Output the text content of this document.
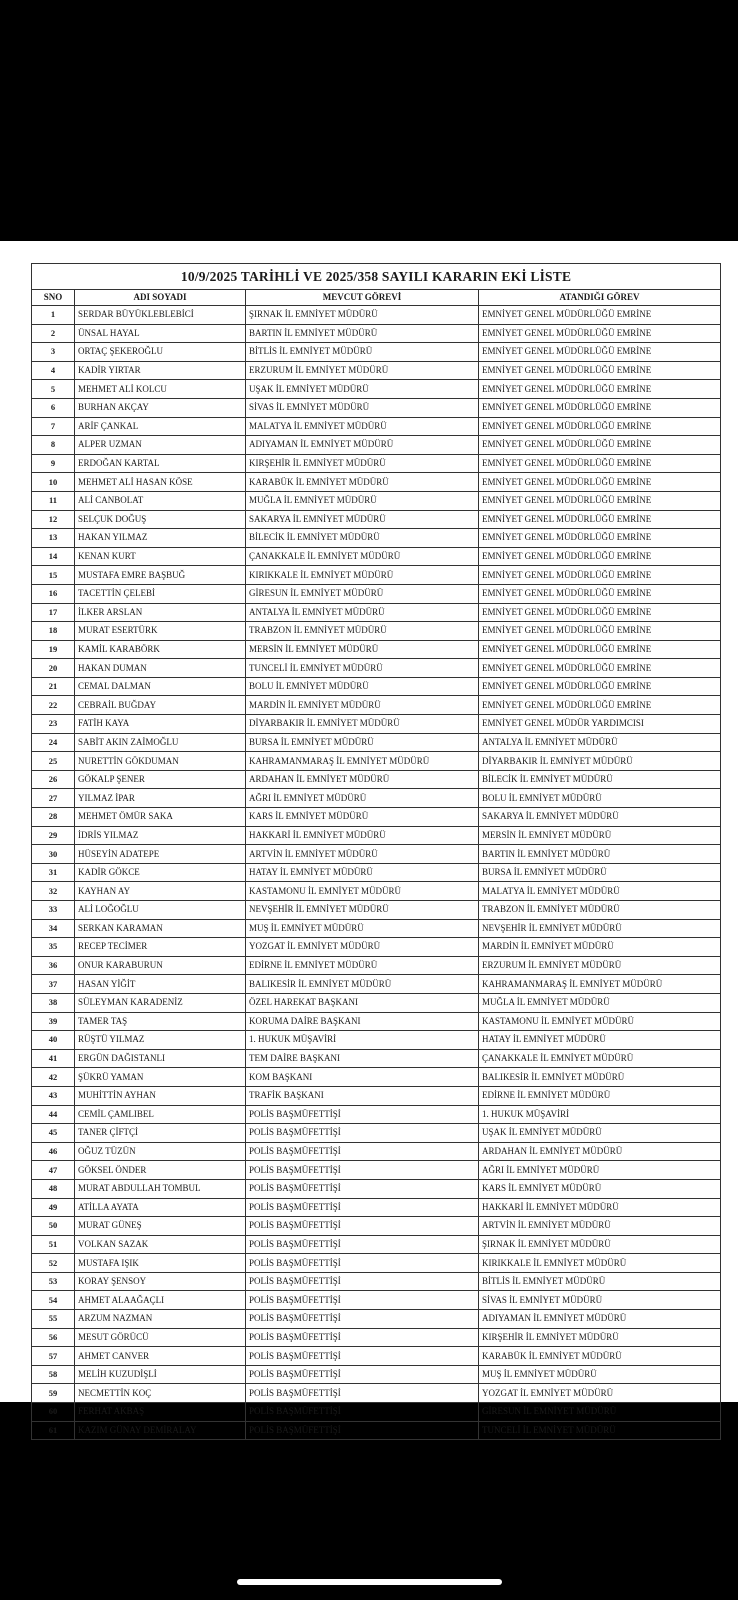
10/9/2025 TARİHLİ VE 2025/358 SAYILI KARARIN EKİ LİSTE			
SNO	ADI SOYADI	MEVCUT GÖREVİ	ATANDIĞI GÖREV
1	SERDAR BÜYÜKLEBLEBİCİ	ŞIRNAK İL EMNİYET MÜDÜRÜ	EMNİYET GENEL MÜDÜRLÜĞÜ EMRİNE
2	ÜNSAL HAYAL	BARTIN İL EMNİYET MÜDÜRÜ	EMNİYET GENEL MÜDÜRLÜĞÜ EMRİNE
3	ORTAÇ ŞEKEROĞLU	BİTLİS İL EMNİYET MÜDÜRÜ	EMNİYET GENEL MÜDÜRLÜĞÜ EMRİNE
4	KADİR YIRTAR	ERZURUM İL EMNİYET MÜDÜRÜ	EMNİYET GENEL MÜDÜRLÜĞÜ EMRİNE
5	MEHMET ALİ KOLCU	UŞAK İL EMNİYET MÜDÜRÜ	EMNİYET GENEL MÜDÜRLÜĞÜ EMRİNE
6	BURHAN AKÇAY	SİVAS İL EMNİYET MÜDÜRÜ	EMNİYET GENEL MÜDÜRLÜĞÜ EMRİNE
7	ARİF ÇANKAL	MALATYA İL EMNİYET MÜDÜRÜ	EMNİYET GENEL MÜDÜRLÜĞÜ EMRİNE
8	ALPER UZMAN	ADIYAMAN İL EMNİYET MÜDÜRÜ	EMNİYET GENEL MÜDÜRLÜĞÜ EMRİNE
9	ERDOĞAN KARTAL	KIRŞEHİR İL EMNİYET MÜDÜRÜ	EMNİYET GENEL MÜDÜRLÜĞÜ EMRİNE
10	MEHMET ALİ HASAN KÖSE	KARABÜK İL EMNİYET MÜDÜRÜ	EMNİYET GENEL MÜDÜRLÜĞÜ EMRİNE
11	ALİ CANBOLAT	MUĞLA İL EMNİYET MÜDÜRÜ	EMNİYET GENEL MÜDÜRLÜĞÜ EMRİNE
12	SELÇUK DOĞUŞ	SAKARYA İL EMNİYET MÜDÜRÜ	EMNİYET GENEL MÜDÜRLÜĞÜ EMRİNE
13	HAKAN YILMAZ	BİLECİK İL EMNİYET MÜDÜRÜ	EMNİYET GENEL MÜDÜRLÜĞÜ EMRİNE
14	KENAN KURT	ÇANAKKALE İL EMNİYET MÜDÜRÜ	EMNİYET GENEL MÜDÜRLÜĞÜ EMRİNE
15	MUSTAFA EMRE BAŞBUĞ	KIRIKKALE İL EMNİYET MÜDÜRÜ	EMNİYET GENEL MÜDÜRLÜĞÜ EMRİNE
16	TACETTİN ÇELEBİ	GİRESUN İL EMNİYET MÜDÜRÜ	EMNİYET GENEL MÜDÜRLÜĞÜ EMRİNE
17	İLKER ARSLAN	ANTALYA İL EMNİYET MÜDÜRÜ	EMNİYET GENEL MÜDÜRLÜĞÜ EMRİNE
18	MURAT ESERTÜRK	TRABZON İL EMNİYET MÜDÜRÜ	EMNİYET GENEL MÜDÜRLÜĞÜ EMRİNE
19	KAMİL KARABÖRK	MERSİN İL EMNİYET MÜDÜRÜ	EMNİYET GENEL MÜDÜRLÜĞÜ EMRİNE
20	HAKAN DUMAN	TUNCELİ İL EMNİYET MÜDÜRÜ	EMNİYET GENEL MÜDÜRLÜĞÜ EMRİNE
21	CEMAL DALMAN	BOLU İL EMNİYET MÜDÜRÜ	EMNİYET GENEL MÜDÜRLÜĞÜ EMRİNE
22	CEBRAİL BUĞDAY	MARDİN İL EMNİYET MÜDÜRÜ	EMNİYET GENEL MÜDÜRLÜĞÜ EMRİNE
23	FATİH KAYA	DİYARBAKIR İL EMNİYET MÜDÜRÜ	EMNİYET GENEL MÜDÜR YARDIMCISI
24	SABİT AKIN ZAİMOĞLU	BURSA İL EMNİYET MÜDÜRÜ	ANTALYA İL EMNİYET MÜDÜRÜ
25	NURETTİN GÖKDUMAN	KAHRAMANMARAŞ İL EMNİYET MÜDÜRÜ	DİYARBAKIR İL EMNİYET MÜDÜRÜ
26	GÖKALP ŞENER	ARDAHAN İL EMNİYET MÜDÜRÜ	BİLECİK İL EMNİYET MÜDÜRÜ
27	YILMAZ İPAR	AĞRI İL EMNİYET MÜDÜRÜ	BOLU İL EMNİYET MÜDÜRÜ
28	MEHMET ÖMÜR SAKA	KARS İL EMNİYET MÜDÜRÜ	SAKARYA İL EMNİYET MÜDÜRÜ
29	İDRİS YILMAZ	HAKKARİ İL EMNİYET MÜDÜRÜ	MERSİN İL EMNİYET MÜDÜRÜ
30	HÜSEYİN ADATEPE	ARTVİN İL EMNİYET MÜDÜRÜ	BARTIN İL EMNİYET MÜDÜRÜ
31	KADİR GÖKCE	HATAY İL EMNİYET MÜDÜRÜ	BURSA İL EMNİYET MÜDÜRÜ
32	KAYHAN AY	KASTAMONU İL EMNİYET MÜDÜRÜ	MALATYA İL EMNİYET MÜDÜRÜ
33	ALİ LOĞOĞLU	NEVŞEHİR İL EMNİYET MÜDÜRÜ	TRABZON İL EMNİYET MÜDÜRÜ
34	SERKAN KARAMAN	MUŞ İL EMNİYET MÜDÜRÜ	NEVŞEHİR İL EMNİYET MÜDÜRÜ
35	RECEP TECİMER	YOZGAT İL EMNİYET MÜDÜRÜ	MARDİN İL EMNİYET MÜDÜRÜ
36	ONUR KARABURUN	EDİRNE İL EMNİYET MÜDÜRÜ	ERZURUM İL EMNİYET MÜDÜRÜ
37	HASAN YİĞİT	BALIKESİR İL EMNİYET MÜDÜRÜ	KAHRAMANMARAŞ İL EMNİYET MÜDÜRÜ
38	SÜLEYMAN KARADENİZ	ÖZEL HAREKAT BAŞKANI	MUĞLA İL EMNİYET MÜDÜRÜ
39	TAMER TAŞ	KORUMA DAİRE BAŞKANI	KASTAMONU İL EMNİYET MÜDÜRÜ
40	RÜŞTÜ YILMAZ	1. HUKUK MÜŞAVİRİ	HATAY İL EMNİYET MÜDÜRÜ
41	ERGÜN DAĞISTANLI	TEM DAİRE BAŞKANI	ÇANAKKALE İL EMNİYET MÜDÜRÜ
42	ŞÜKRÜ YAMAN	KOM BAŞKANI	BALIKESİR İL EMNİYET MÜDÜRÜ
43	MUHİTTİN AYHAN	TRAFİK BAŞKANI	EDİRNE İL EMNİYET MÜDÜRÜ
44	CEMİL ÇAMLIBEL	POLİS BAŞMÜFETTİŞİ	1. HUKUK MÜŞAVİRİ
45	TANER ÇİFTÇİ	POLİS BAŞMÜFETTİŞİ	UŞAK İL EMNİYET MÜDÜRÜ
46	OĞUZ TÜZÜN	POLİS BAŞMÜFETTİŞİ	ARDAHAN İL EMNİYET MÜDÜRÜ
47	GÖKSEL ÖNDER	POLİS BAŞMÜFETTİŞİ	AĞRI İL EMNİYET MÜDÜRÜ
48	MURAT ABDULLAH TOMBUL	POLİS BAŞMÜFETTİŞİ	KARS İL EMNİYET MÜDÜRÜ
49	ATİLLA AYATA	POLİS BAŞMÜFETTİŞİ	HAKKARİ İL EMNİYET MÜDÜRÜ
50	MURAT GÜNEŞ	POLİS BAŞMÜFETTİŞİ	ARTVİN İL EMNİYET MÜDÜRÜ
51	VOLKAN SAZAK	POLİS BAŞMÜFETTİŞİ	ŞIRNAK İL EMNİYET MÜDÜRÜ
52	MUSTAFA IŞIK	POLİS BAŞMÜFETTİŞİ	KIRIKKALE İL EMNİYET MÜDÜRÜ
53	KORAY ŞENSOY	POLİS BAŞMÜFETTİŞİ	BİTLİS İL EMNİYET MÜDÜRÜ
54	AHMET ALAAĞAÇLI	POLİS BAŞMÜFETTİŞİ	SİVAS İL EMNİYET MÜDÜRÜ
55	ARZUM NAZMAN	POLİS BAŞMÜFETTİŞİ	ADIYAMAN İL EMNİYET MÜDÜRÜ
56	MESUT GÖRÜCÜ	POLİS BAŞMÜFETTİŞİ	KIRŞEHİR İL EMNİYET MÜDÜRÜ
57	AHMET CANVER	POLİS BAŞMÜFETTİŞİ	KARABÜK İL EMNİYET MÜDÜRÜ
58	MELİH KUZUDİŞLİ	POLİS BAŞMÜFETTİŞİ	MUŞ İL EMNİYET MÜDÜRÜ
59	NECMETTİN KOÇ	POLİS BAŞMÜFETTİŞİ	YOZGAT İL EMNİYET MÜDÜRÜ
60	FERHAT AKBAŞ	POLİS BAŞMÜFETTİŞİ	GİRESUN İL EMNİYET MÜDÜRÜ
61	KAZIM GÜNAY DEMİRALAY	POLİS BAŞMÜFETTİŞİ	TUNCELİ İL EMNİYET MÜDÜRÜ
